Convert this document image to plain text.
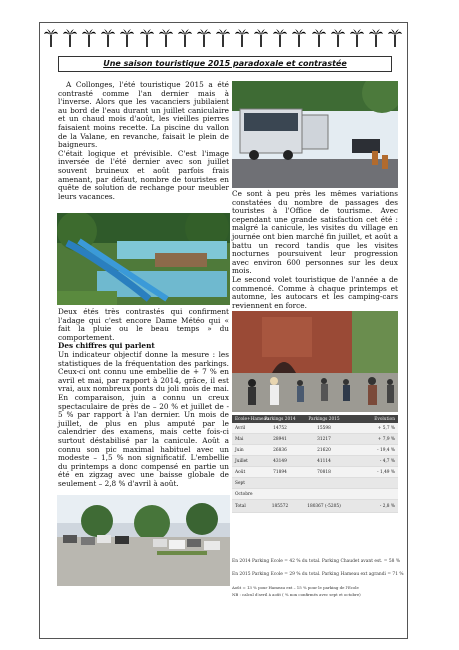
Une saison touristique 2015 paradoxale et contrastée

A Collonges, l'été touristique 2015 a été contrasté comme l'an dernier mais à l'inverse. Alors que les vacanciers jubilaient au bord de l'eau durant un juillet caniculaire et un chaud mois d'août, les vieilles pierres faisaient moins recette. La piscine du vallon de la Valane, en revanche, faisait le plein de baigneurs.

C'était logique et prévisible. C'est l'image inversée de l'été dernier avec son juillet souvent bruineux et août parfois frais amenant, par défaut, nombre de touristes en quête de solution de rechange pour meubler leurs vacances.

Deux étés très contrastés qui confirment l'adage qui c'est encore Dame Météo qui « fait la pluie ou le beau temps » du comportement.

Des chiffres qui parlent

Un indicateur objectif donne la mesure : les statistiques de la fréquentation des parkings. Ceux-ci ont connu une embellie de + 7 % en avril et mai, par rapport à 2014, grâce, il est vrai, aux nombreux ponts du joli mois de mai. En comparaison, juin a connu un creux spectaculaire de près de – 20 % et juillet de - 5 % par rapport à l'an dernier. Un mois de juillet, de plus en plus amputé par le calendrier des examens, mais cette fois-ci surtout déstabilisé par la canicule. Août a connu son pic maximal habituel avec un modeste – 1,5 % non significatif. L'embellie du printemps a donc compensé en partie un été en zigzag avec une baisse globale de seulement – 2,8 % d'avril à août.

Ce sont à peu près les mêmes variations constatées du nombre de passages des touristes à l'Office de tourisme. Avec cependant une grande satisfaction cet été : malgré la canicule, les visites du village en journée ont bien marché fin juillet, et août a battu un record tandis que les visites nocturnes poursuivent leur progression avec environ 600 personnes sur les deux mois.

Le second volet touristique de l'année a de commencé. Comme à chaque printemps et automne, les autocars et les camping-cars reviennent en force.

Ecole+Hameau
Parkings 2014	Parkings 2015	Evolution
Avril	14752	15598	+ 5,7 %
Mai	28941	31217	+ 7,9 %
Juin	26836	21620	- 19,4 %
Juillet	43149	41114	- 4,7 %
Août	71894	70818	- 1,49 %
Sept
Octobre
Total	185572	180367 (-5205)	- 2,8 %
En 2014 Parking Ecole = 42 % du total. Parking Chaudet avant est. = 58 %
En 2015 Parking Ecole = 29 % du total. Parking Hameau ext agrandi = 71 %
Août = 13 % pour Hameau ext – 15 % pour le parking de l'Ecole
NB : calcul d'avril à août ( % non confirmés avec sept et octobre)
